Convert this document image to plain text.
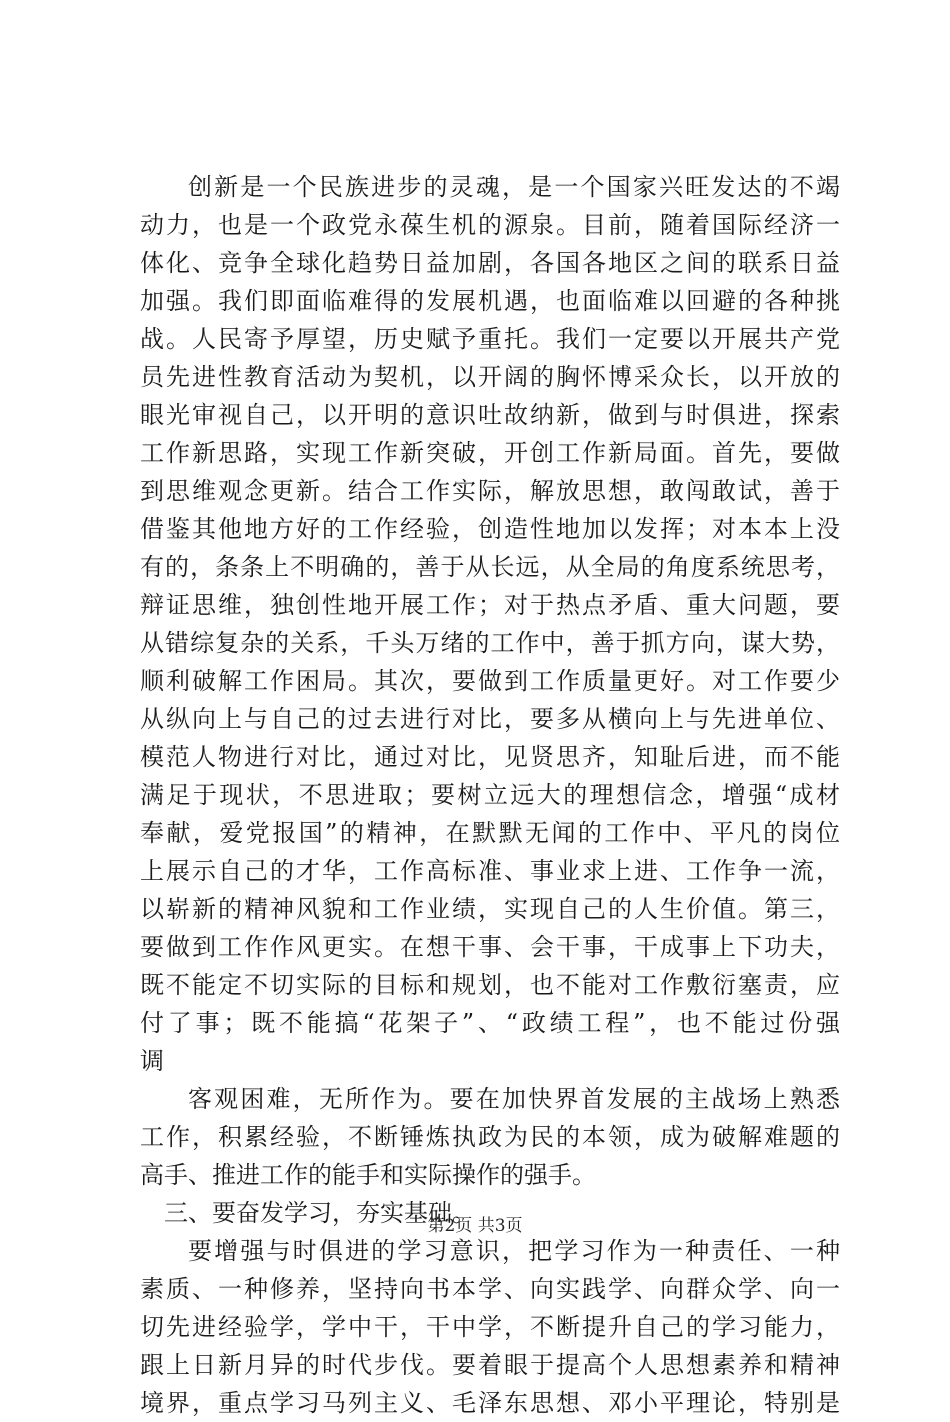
创新是一个民族进步的灵魂，是一个国家兴旺发达的不竭
动力，也是一个政党永葆生机的源泉。目前，随着国际经济一
体化、竞争全球化趋势日益加剧，各国各地区之间的联系日益
加强。我们即面临难得的发展机遇，也面临难以回避的各种挑
战。人民寄予厚望，历史赋予重托。我们一定要以开展共产党
员先进性教育活动为契机，以开阔的胸怀博采众长，以开放的
眼光审视自己，以开明的意识吐故纳新，做到与时俱进，探索
工作新思路，实现工作新突破，开创工作新局面。首先，要做
到思维观念更新。结合工作实际，解放思想，敢闯敢试，善于
借鉴其他地方好的工作经验，创造性地加以发挥；对本本上没
有的，条条上不明确的，善于从长远，从全局的角度系统思考，
辩证思维，独创性地开展工作；对于热点矛盾、重大问题，要
从错综复杂的关系，千头万绪的工作中，善于抓方向，谋大势，
顺利破解工作困局。其次，要做到工作质量更好。对工作要少
从纵向上与自己的过去进行对比，要多从横向上与先进单位、
模范人物进行对比，通过对比，见贤思齐，知耻后进，而不能
满足于现状，不思进取；要树立远大的理想信念，增强“成材
奉献，爱党报国”的精神，在默默无闻的工作中、平凡的岗位
上展示自己的才华，工作高标准、事业求上进、工作争一流，
以崭新的精神风貌和工作业绩，实现自己的人生价值。第三，
要做到工作作风更实。在想干事、会干事，干成事上下功夫，
既不能定不切实际的目标和规划，也不能对工作敷衍塞责，应
付了事；既不能搞“花架子”、“政绩工程”，也不能过份强
调
客观困难，无所作为。要在加快界首发展的主战场上熟悉
工作，积累经验，不断锤炼执政为民的本领，成为破解难题的
高手、推进工作的能手和实际操作的强手。
三、要奋发学习，夯实基础。
要增强与时俱进的学习意识，把学习作为一种责任、一种
素质、一种修养，坚持向书本学、向实践学、向群众学、向一
切先进经验学，学中干，干中学，不断提升自己的学习能力，
跟上日新月异的时代步伐。要着眼于提高个人思想素养和精神
境界，重点学习马列主义、毛泽东思想、邓小平理论，特别是
第2页 共3页
